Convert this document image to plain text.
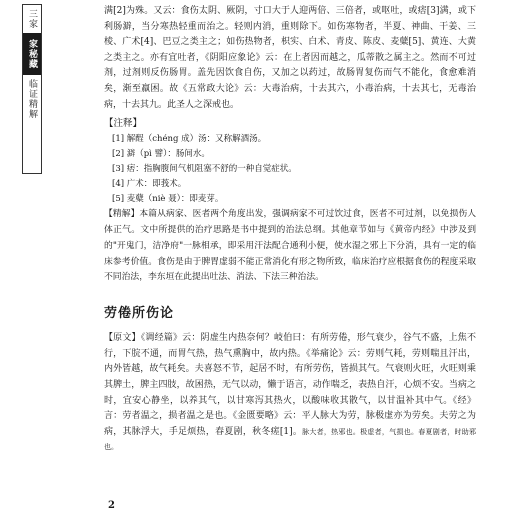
三家
家秘藏
临证精解

满[2]为殊。又云：食伤太阴、厥阴，寸口大于人迎两倍、三倍者，或呕吐，或痞[3]满，或下利肠澼，当分寒热轻重而治之。轻则内消，重则除下。如伤寒物者，半夏、神曲、干姜、三棱、广术[4]、巴豆之类主之；如伤热物者，枳实、白术、青皮、陈皮、麦糵[5]、黄连、大黄之类主之。亦有宜吐者，《阴阳应象论》云：在上者因而越之，瓜蒂散之属主之。然而不可过剂，过剂则反伤肠胃。盖先因饮食自伤，又加之以药过，故肠胃复伤而气不能化，食愈难消矣，渐至羸困。故《五常政大论》云：大毒治病，十去其六，小毒治病，十去其七，无毒治病，十去其九。此圣人之深戒也。

【注释】

[1] 解酲（chéng 成）汤：又称解酒汤。

[2] 澼（pì 譬）：肠间水。

[3] 痞：指胸腹间气机阻塞不舒的一种自觉症状。

[4] 广术：即莪术。

[5] 麦糵（niè 聂）：即麦芽。

【精解】本篇从病家、医者两个角度出发，强调病家不可过饮过食，医者不可过剂，以免损伤人体正气。文中所提供的治疗思路是书中提到的治法总纲。其他章节如与《黄帝内经》中涉及到的"开鬼门，洁净府"一脉相承，即采用汗法配合通利小便，使水湿之邪上下分消，具有一定的临床参考价值。食伤是由于脾胃虚弱不能正常消化有形之物所致，临床治疗应根据食伤的程度采取不同治法，李东垣在此提出吐法、消法、下法三种治法。

劳倦所伤论

【原文】《调经篇》云：阴虚生内热奈何？岐伯曰：有所劳倦，形气衰少，谷气不盛，上焦不行，下脘不通，而胃气热，热气熏胸中，故内热。《举痛论》云：劳则气耗，劳则喘且汗出，内外皆越，故气耗矣。夫喜怒不节，起居不时，有所劳伤，皆损其气。气衰则火旺，火旺则乘其脾土，脾主四肢，故困热，无气以动，懒于语言，动作喘乏，表热自汗，心烦不安。当病之时，宜安心静坐，以养其气，以甘寒泻其热火，以酸味收其散气，以甘温补其中气。《经》言：劳者温之，损者温之是也。《金匮要略》云：平人脉大为劳，脉极虚亦为劳矣。夫劳之为病，其脉浮大，手足烦热，春夏剧，秋冬瘥[1]。脉大者，热邪也。极虚者，气损也。春夏剧者，时助邪也。

2
